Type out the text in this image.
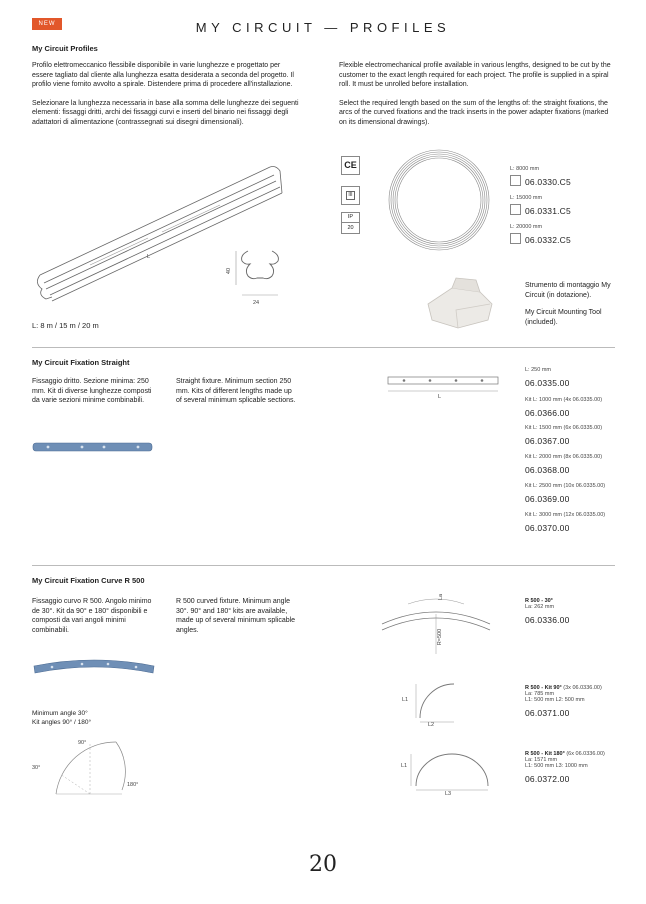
NEW	MY CIRCUIT — PROFILES
My Circuit Profiles

Profilo elettromeccanico flessibile disponibile in varie lunghezze e progettato per essere tagliato dal cliente alla lunghezza esatta desiderata a seconda del progetto. Il profilo viene fornito avvolto a spirale. Distendere prima di procedere all'installazione.

Selezionare la lunghezza necessaria in base alla somma delle lunghezze dei seguenti elementi: fissaggi dritti, archi dei fissaggi curvi e inserti del binario nei fissaggi degli adattatori di alimentazione (contrassegnati sui disegni dimensionali).

Flexible electromechanical profile available in various lengths, designed to be cut by the customer to the exact length required for each project. The profile is supplied in a spiral roll. It must be unrolled before installation.

Select the required length based on the sum of the lengths of: the straight fixations, the arcs of the curved fixations and the track inserts in the power adapter fixations (marked on its dimensional drawings).

L
40
24
L: 8 m / 15 m / 20 m
CE
III
IP
20
L: 8000 mm
06.0330.C5
L: 15000 mm
06.0331.C5
L: 20000 mm
06.0332.C5

Strumento di montaggio My Circuit (in dotazione).

My Circuit Mounting Tool (included).

My Circuit Fixation Straight

Fissaggio dritto. Sezione minima: 250 mm. Kit di diverse lunghezze composti da varie sezioni minime combinabili.

Straight fixture. Minimum section 250 mm. Kits of different lengths made up of several minimum splicable sections.	L
L: 250 mm
06.0335.00
Kit L: 1000 mm (4x 06.0335.00)
06.0366.00
Kit L: 1500 mm (6x 06.0335.00)
06.0367.00
Kit L: 2000 mm (8x 06.0335.00)
06.0368.00
Kit L: 2500 mm (10x 06.0335.00)
06.0369.00
Kit L: 3000 mm (12x 06.0335.00)
06.0370.00
My Circuit Fixation Curve R 500

Fissaggio curvo R 500. Angolo minimo de 30°. Kit da 90° e 180° disponibili e composti da vari angoli minimi combinabili.

R 500 curved fixture. Minimum angle 30°. 90° and 180° kits are available, made up of several minimum splicable angles.

Minimum angle 30°
Kit angles 90° / 180°
90°
30°
180°
R=500
La
L1
L2
L1
L3
R 500 - 30°
La: 262 mm
06.0336.00
R 500 - Kit 90° (3x 06.0336.00)
La: 785 mm
L1: 500 mm L2: 500 mm
06.0371.00
R 500 - Kit 180° (6x 06.0336.00)
La: 1571 mm
L1: 500 mm L3: 1000 mm
06.0372.00
20
